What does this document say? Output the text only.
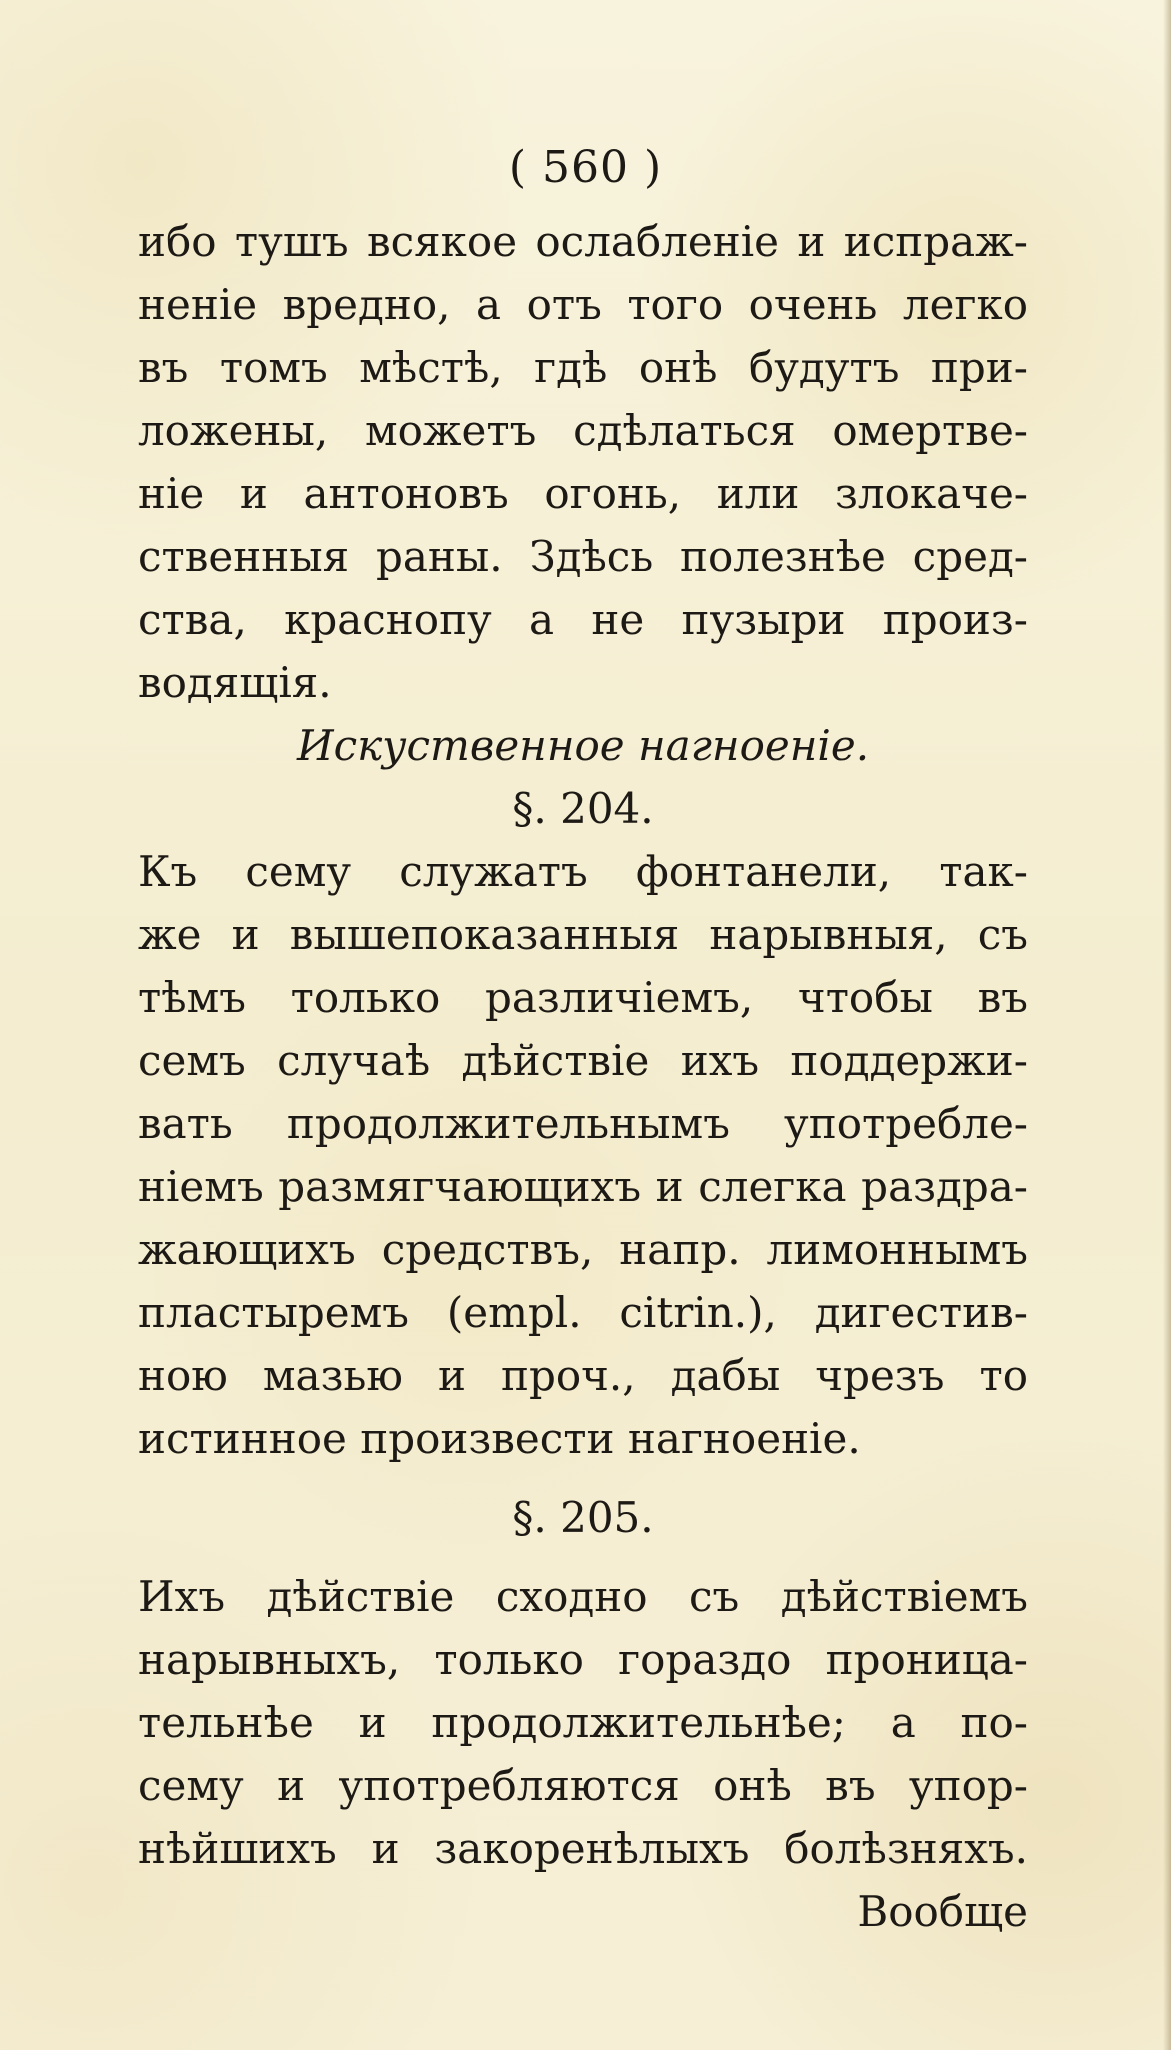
( 560 )
ибо тушъ всякое ослабленіе и испраж-
неніе вредно, а отъ того очень легко
въ томъ мѣстѣ, гдѣ онѣ будутъ при-
ложены, можетъ сдѣлаться омертве-
ніе и антоновъ огонь, или злокаче-
ственныя раны. Здѣсь полезнѣе сред-
ства, краснопу а не пузыри произ-
водящія.
Искуственное нагноеніе.
§. 204.
Къ сему служатъ фонтанели, так-
же и вышепоказанныя нарывныя, съ
тѣмъ только различіемъ, чтобы въ
семъ случаѣ дѣйствіе ихъ поддержи-
вать продолжительнымъ употребле-
ніемъ размягчающихъ и слегка раздра-
жающихъ средствъ, напр. лимоннымъ
пластыремъ (empl. citrin.), дигестив-
ною мазью и проч., дабы чрезъ то
истинное произвести нагноеніе.
§. 205.
Ихъ дѣйствіе сходно съ дѣйствіемъ
нарывныхъ, только гораздо проница-
тельнѣе и продолжительнѣе; а по-
сему и употребляются онѣ въ упор-
нѣйшихъ и закоренѣлыхъ болѣзняхъ.
Вообще
